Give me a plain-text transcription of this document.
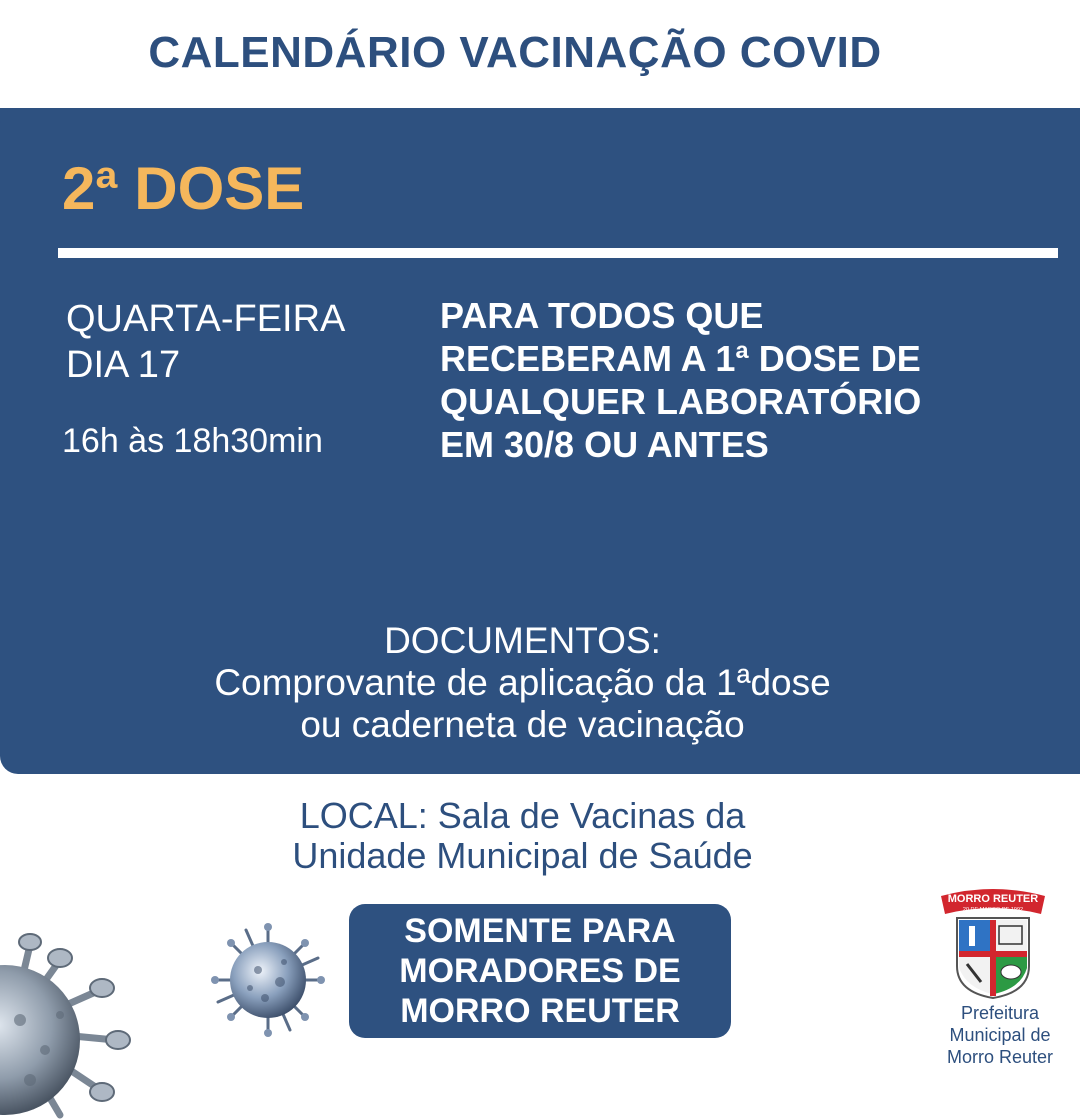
CALENDÁRIO VACINAÇÃO COVID
2ª DOSE
QUARTA-FEIRA
DIA 17
16h às 18h30min
PARA TODOS QUE
RECEBERAM A 1ª DOSE DE
QUALQUER LABORATÓRIO
EM 30/8 OU ANTES
DOCUMENTOS:
Comprovante de aplicação da 1ªdose
ou caderneta de vacinação
LOCAL: Sala de Vacinas da
Unidade Municipal de Saúde
SOMENTE PARA
MORADORES DE
MORRO REUTER
MORRO REUTER
20 DE MARÇO DE 1992
Prefeitura
Municipal de
Morro Reuter
